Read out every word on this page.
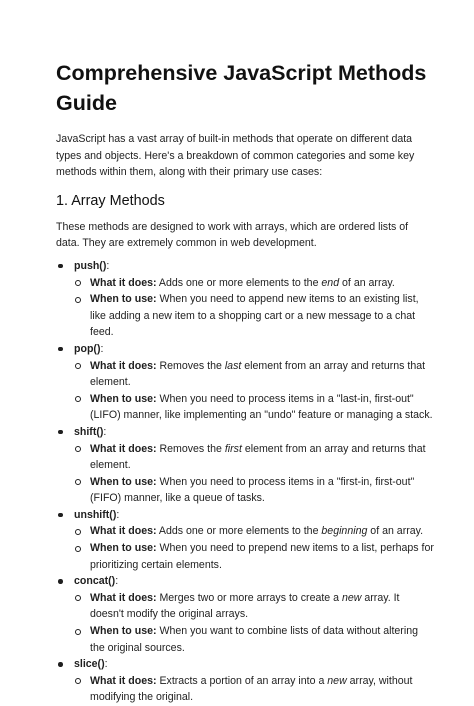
Comprehensive JavaScript Methods Guide

JavaScript has a vast array of built-in methods that operate on different data types and objects. Here's a breakdown of common categories and some key methods within them, along with their primary use cases:

1. Array Methods

These methods are designed to work with arrays, which are ordered lists of data. They are extremely common in web development.

push():
What it does: Adds one or more elements to the end of an array.
When to use: When you need to append new items to an existing list, like adding a new item to a shopping cart or a new message to a chat feed.
pop():
What it does: Removes the last element from an array and returns that element.
When to use: When you need to process items in a "last-in, first-out" (LIFO) manner, like implementing an "undo" feature or managing a stack.
shift():
What it does: Removes the first element from an array and returns that element.
When to use: When you need to process items in a "first-in, first-out" (FIFO) manner, like a queue of tasks.
unshift():
What it does: Adds one or more elements to the beginning of an array.
When to use: When you need to prepend new items to a list, perhaps for prioritizing certain elements.
concat():
What it does: Merges two or more arrays to create a new array. It doesn't modify the original arrays.
When to use: When you want to combine lists of data without altering the original sources.
slice():
What it does: Extracts a portion of an array into a new array, without modifying the original.
